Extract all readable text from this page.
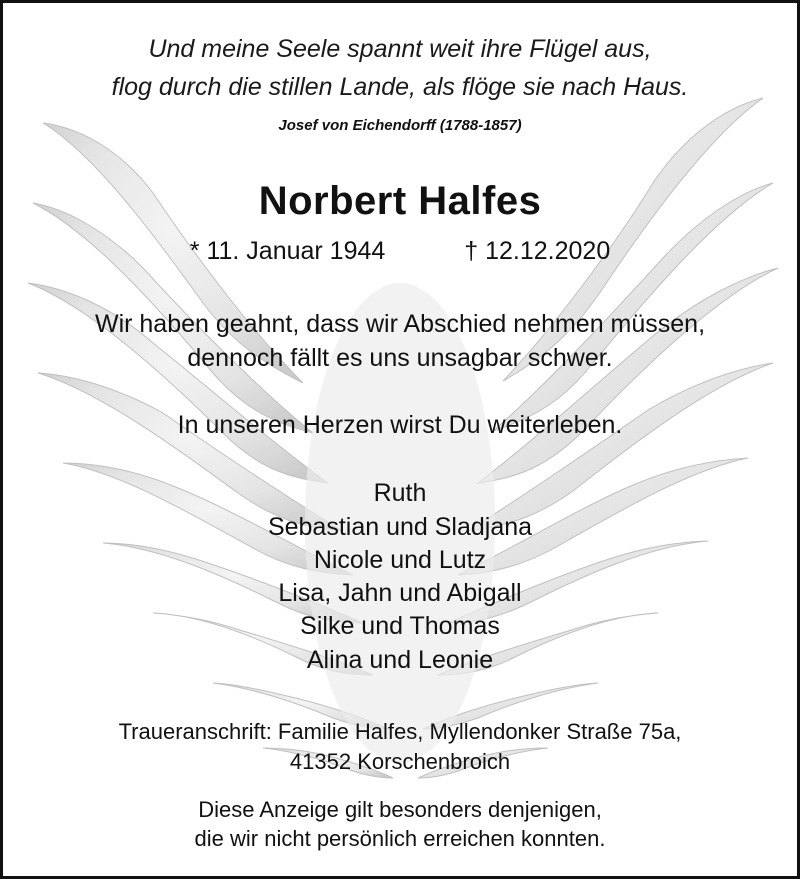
Und meine Seele spannt weit ihre Flügel aus,
flog durch die stillen Lande, als flöge sie nach Haus.
Josef von Eichendorff (1788-1857)
Norbert Halfes
* 11. Januar 1944	† 12.12.2020
Wir haben geahnt, dass wir Abschied nehmen müssen,
dennoch fällt es uns unsagbar schwer.
In unseren Herzen wirst Du weiterleben.
Ruth
Sebastian und Sladjana
Nicole und Lutz
Lisa, Jahn und Abigall
Silke und Thomas
Alina und Leonie
Traueranschrift: Familie Halfes, Myllendonker Straße 75a,
41352 Korschenbroich
Diese Anzeige gilt besonders denjenigen,
die wir nicht persönlich erreichen konnten.
